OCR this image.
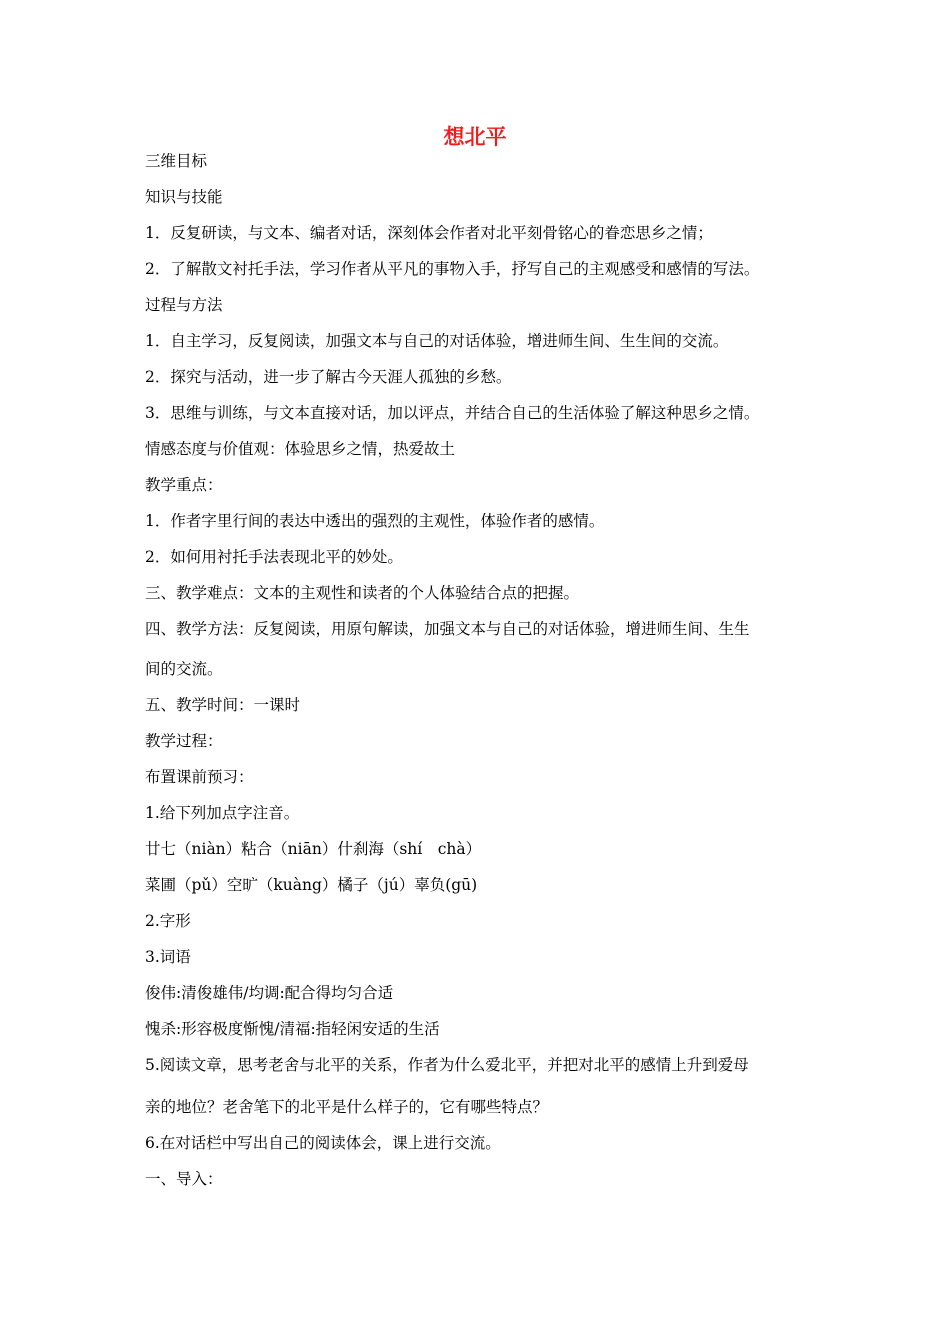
想北平

三维目标

知识与技能

1．反复研读，与文本、编者对话，深刻体会作者对北平刻骨铭心的眷恋思乡之情；

2．了解散文衬托手法，学习作者从平凡的事物入手，抒写自己的主观感受和感情的写法。

过程与方法

1．自主学习，反复阅读，加强文本与自己的对话体验，增进师生间、生生间的交流。

2．探究与活动，进一步了解古今天涯人孤独的乡愁。

3．思维与训练，与文本直接对话，加以评点，并结合自己的生活体验了解这种思乡之情。

情感态度与价值观：体验思乡之情，热爱故土

教学重点：

1．作者字里行间的表达中透出的强烈的主观性，体验作者的感情。

2．如何用衬托手法表现北平的妙处。

三、教学难点：文本的主观性和读者的个人体验结合点的把握。

四、教学方法：反复阅读，用原句解读，加强文本与自己的对话体验，增进师生间、生生

间的交流。

五、教学时间：一课时

教学过程：

布置课前预习：

1.给下列加点字注音。

廿七（niàn）粘合（niān）什刹海（shí　chà）

菜圃（pǔ）空旷（kuàng）橘子（jú）辜负(gū)

2.字形

3.词语

俊伟:清俊雄伟/均调:配合得均匀合适

愧杀:形容极度惭愧/清福:指轻闲安适的生活

5.阅读文章，思考老舍与北平的关系，作者为什么爱北平，并把对北平的感情上升到爱母

亲的地位？老舍笔下的北平是什么样子的，它有哪些特点？

6.在对话栏中写出自己的阅读体会，课上进行交流。

一、导入：
